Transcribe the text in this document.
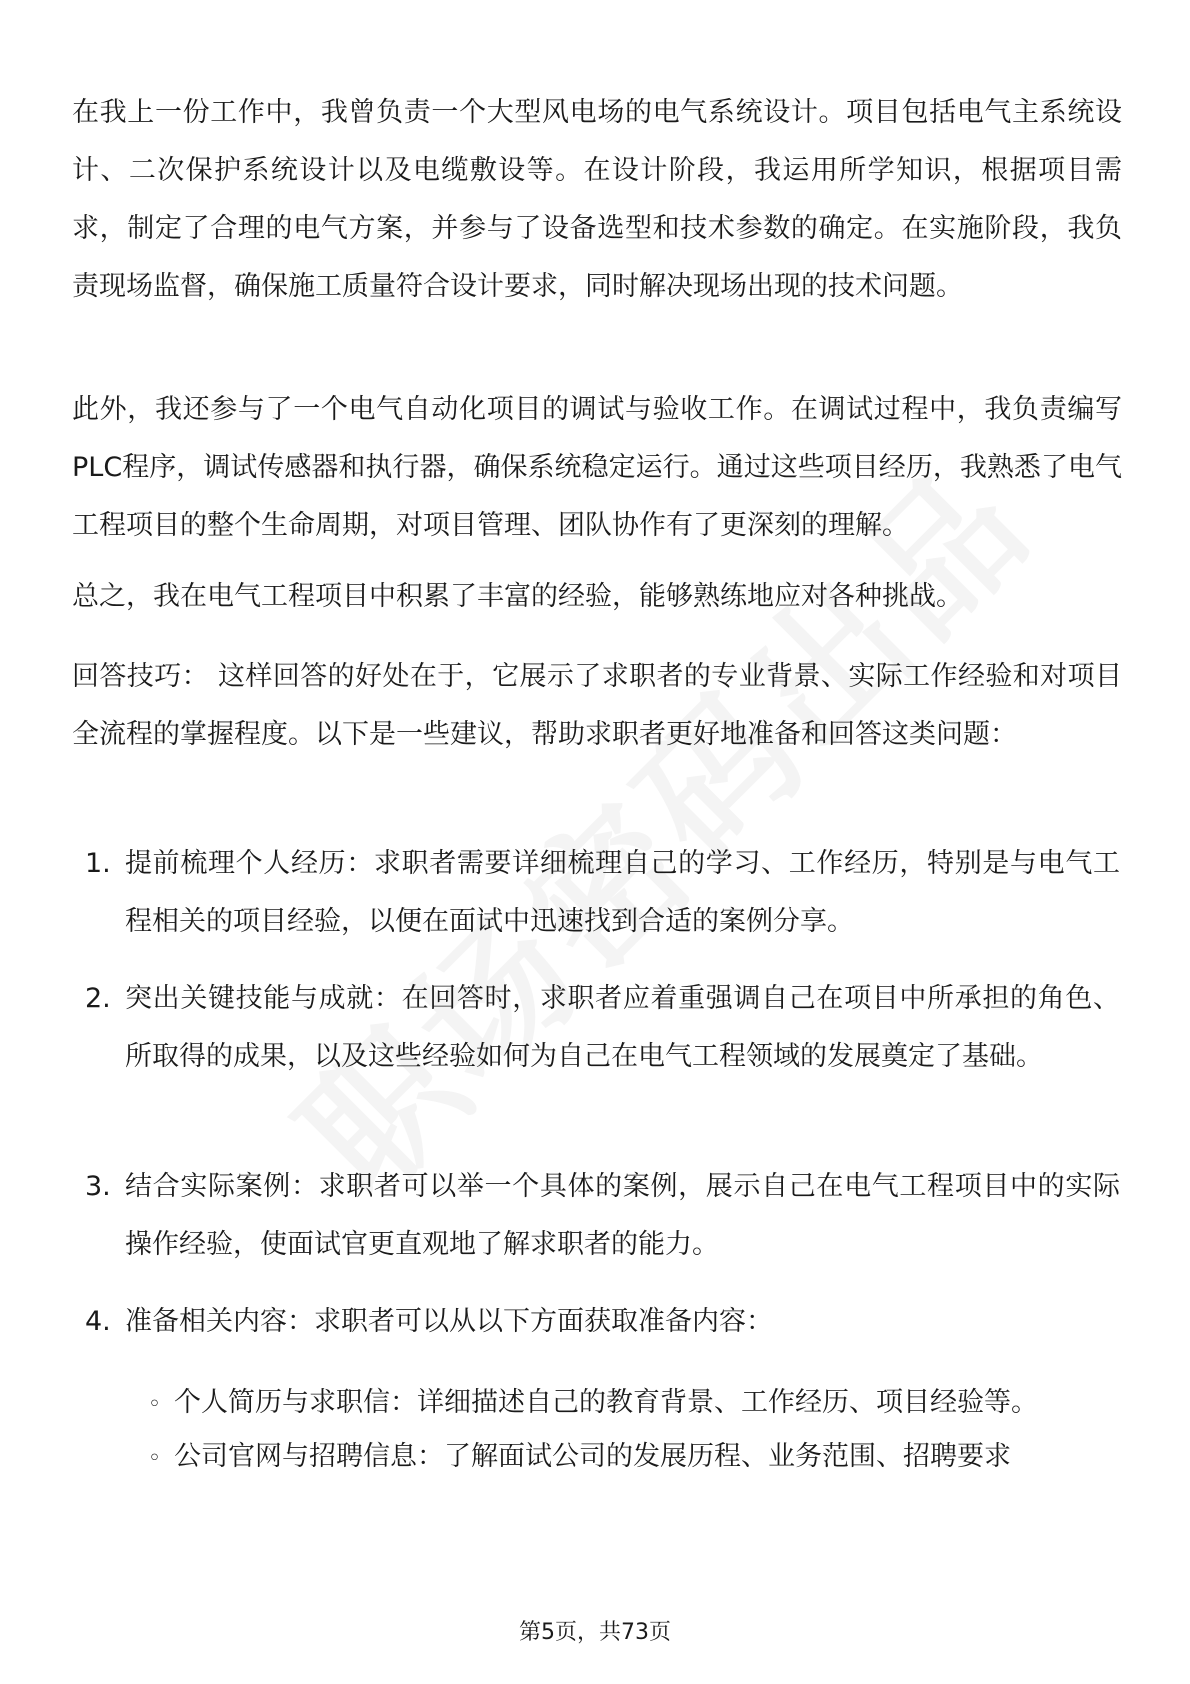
在我上一份工作中，我曾负责一个大型风电场的电气系统设计。项目包括电气主系统设计、二次保护系统设计以及电缆敷设等。在设计阶段，我运用所学知识，根据项目需求，制定了合理的电气方案，并参与了设备选型和技术参数的确定。在实施阶段，我负责现场监督，确保施工质量符合设计要求，同时解决现场出现的技术问题。

此外，我还参与了一个电气自动化项目的调试与验收工作。在调试过程中，我负责编写PLC程序，调试传感器和执行器，确保系统稳定运行。通过这些项目经历，我熟悉了电气工程项目的整个生命周期，对项目管理、团队协作有了更深刻的理解。

总之，我在电气工程项目中积累了丰富的经验，能够熟练地应对各种挑战。

回答技巧： 这样回答的好处在于，它展示了求职者的专业背景、实际工作经验和对项目全流程的掌握程度。以下是一些建议，帮助求职者更好地准备和回答这类问题：

1. 提前梳理个人经历：求职者需要详细梳理自己的学习、工作经历，特别是与电气工程相关的项目经验，以便在面试中迅速找到合适的案例分享。
2. 突出关键技能与成就：在回答时，求职者应着重强调自己在项目中所承担的角色、所取得的成果，以及这些经验如何为自己在电气工程领域的发展奠定了基础。
3. 结合实际案例：求职者可以举一个具体的案例，展示自己在电气工程项目中的实际操作经验，使面试官更直观地了解求职者的能力。
4. 准备相关内容：求职者可以从以下方面获取准备内容：
◦ 个人简历与求职信：详细描述自己的教育背景、工作经历、项目经验等。
◦ 公司官网与招聘信息：了解面试公司的发展历程、业务范围、招聘要求
第5页，共73页
